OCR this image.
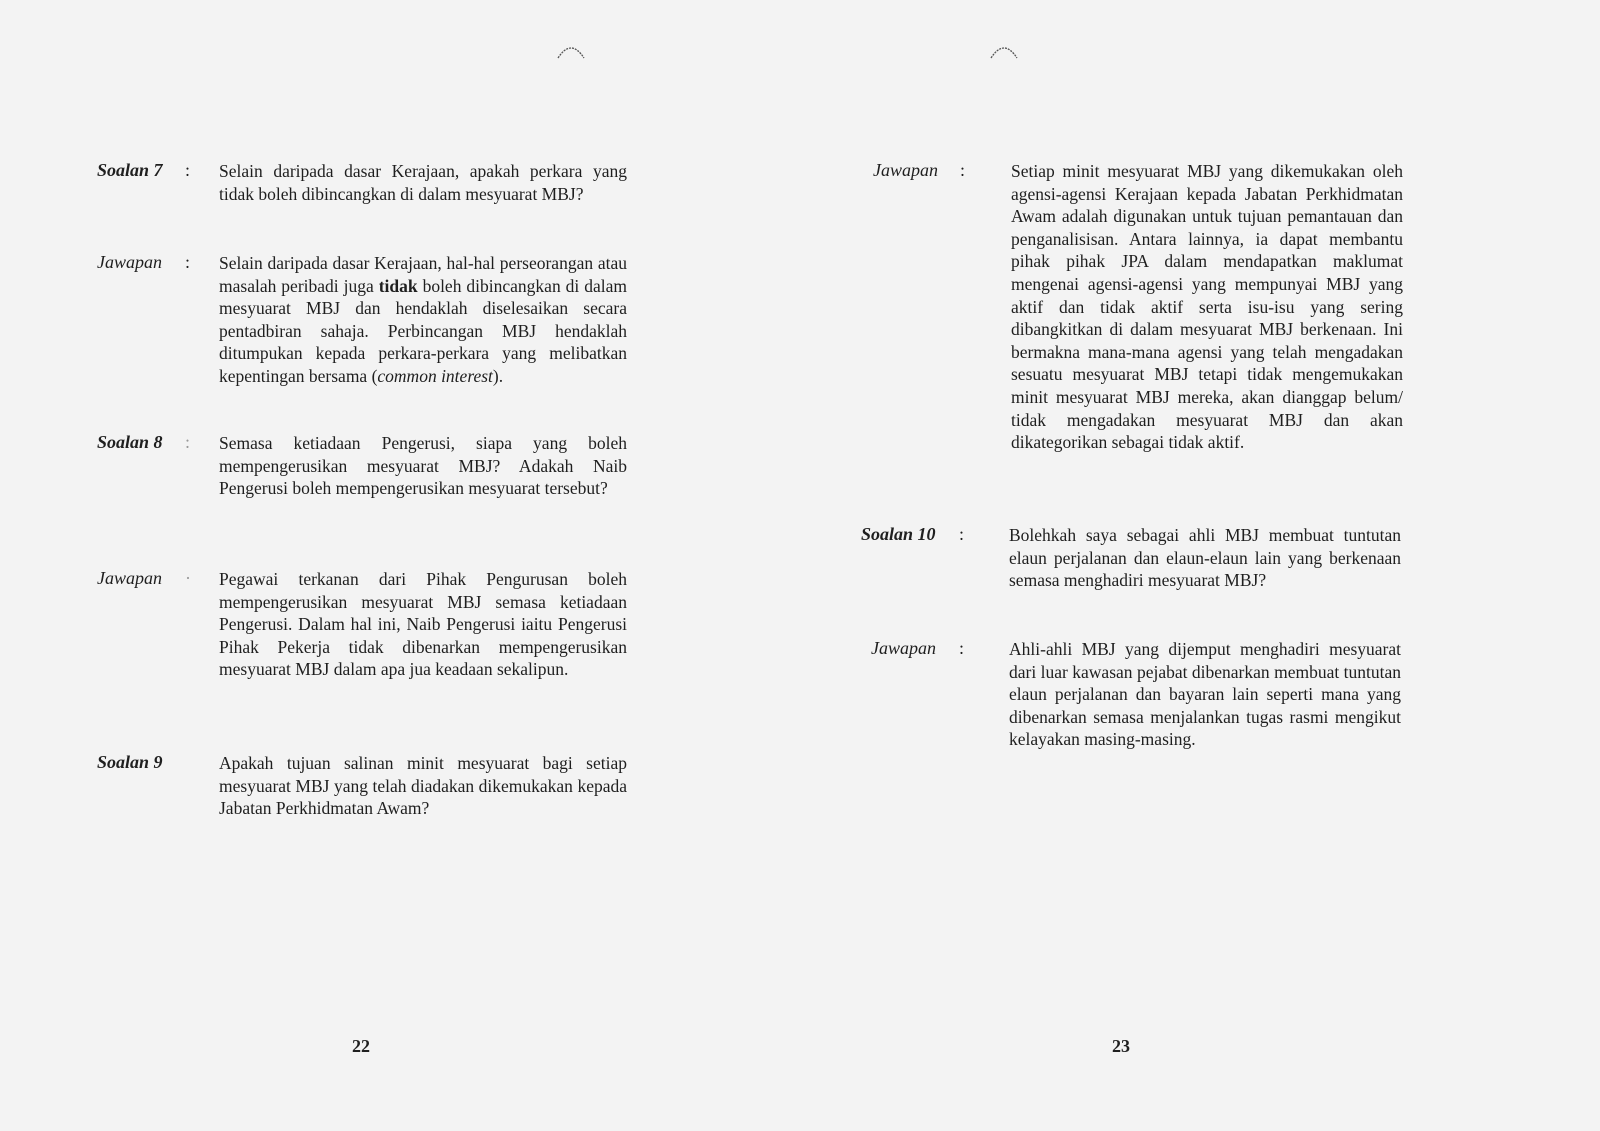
Soalan 7 : Selain daripada dasar Kerajaan, apakah perkara yang tidak boleh dibincangkan di dalam mesyuarat MBJ?

Jawapan : Selain daripada dasar Kerajaan, hal-hal perseorangan atau masalah peribadi juga tidak boleh dibincangkan di dalam mesyuarat MBJ dan hendaklah diselesaikan secara pentadbiran sahaja. Perbincangan MBJ hendaklah ditumpukan kepada perkara-perkara yang melibatkan kepentingan bersama (common interest).

Soalan 8 : Semasa ketiadaan Pengerusi, siapa yang boleh mempengerusikan mesyuarat MBJ? Adakah Naib Pengerusi boleh mempengerusikan mesyuarat tersebut?

Jawapan · Pegawai terkanan dari Pihak Pengurusan boleh mempengerusikan mesyuarat MBJ semasa ketiadaan Pengerusi. Dalam hal ini, Naib Pengerusi iaitu Pengerusi Pihak Pekerja tidak dibenarkan mempengerusikan mesyuarat MBJ dalam apa jua keadaan sekalipun.

Soalan 9	Apakah tujuan salinan minit mesyuarat bagi setiap mesyuarat MBJ yang telah diadakan dikemukakan kepada Jabatan Perkhidmatan Awam?

22
Jawapan :	Setiap minit mesyuarat MBJ yang dikemukakan oleh agensi-agensi Kerajaan kepada Jabatan Perkhidmatan Awam adalah digunakan untuk tujuan pemantauan dan penganalisisan. Antara lainnya, ia dapat membantu pihak pihak JPA dalam mendapatkan maklumat mengenai agensi-agensi yang mempunyai MBJ yang aktif dan tidak aktif serta isu-isu yang sering dibangkitkan di dalam mesyuarat MBJ berkenaan. Ini bermakna mana-mana agensi yang telah mengadakan sesuatu mesyuarat MBJ tetapi tidak mengemukakan minit mesyuarat MBJ mereka, akan dianggap belum/ tidak mengadakan mesyuarat MBJ dan akan dikategorikan sebagai tidak aktif.

Soalan 10 :	Bolehkah saya sebagai ahli MBJ membuat tuntutan elaun perjalanan dan elaun-elaun lain yang berkenaan semasa menghadiri mesyuarat MBJ?

Jawapan :	Ahli-ahli MBJ yang dijemput menghadiri mesyuarat dari luar kawasan pejabat dibenarkan membuat tuntutan elaun perjalanan dan bayaran lain seperti mana yang dibenarkan semasa menjalankan tugas rasmi mengikut kelayakan masing-masing.

23
